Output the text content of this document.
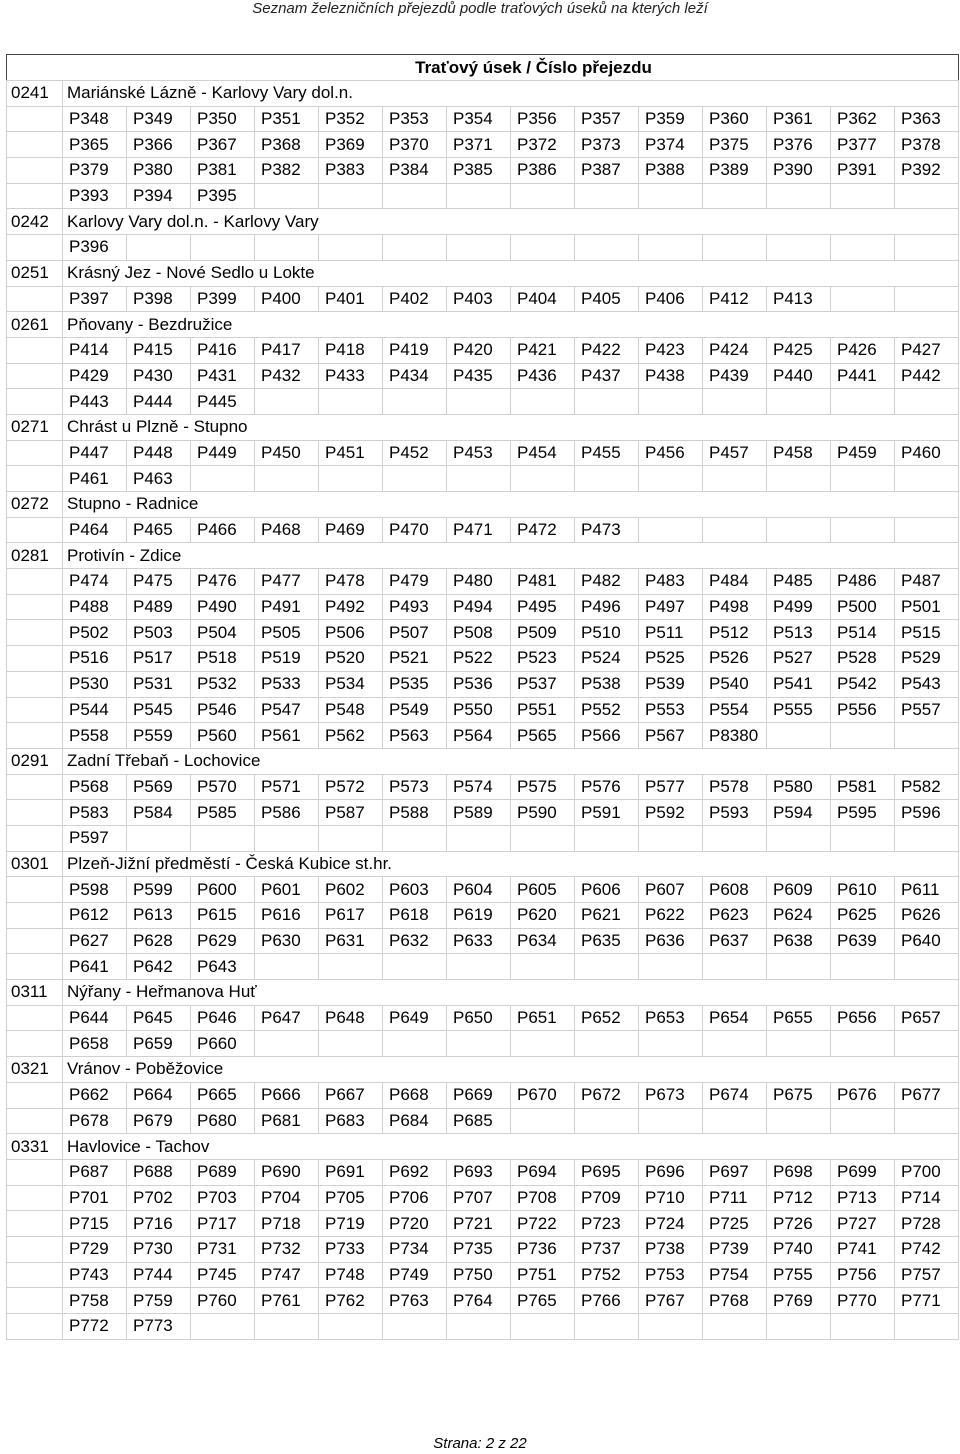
Seznam železničních přejezdů podle traťových úseků na kterých leží
Traťový úsek / Číslo přejezdu														
0241	Mariánské Lázně - Karlovy Vary dol.n.													
	P348	P349	P350	P351	P352	P353	P354	P356	P357	P359	P360	P361	P362	P363
	P365	P366	P367	P368	P369	P370	P371	P372	P373	P374	P375	P376	P377	P378
	P379	P380	P381	P382	P383	P384	P385	P386	P387	P388	P389	P390	P391	P392
	P393	P394	P395											
0242	Karlovy Vary dol.n. - Karlovy Vary													
	P396													
0251	Krásný Jez - Nové Sedlo u Lokte													
	P397	P398	P399	P400	P401	P402	P403	P404	P405	P406	P412	P413		
0261	Pňovany - Bezdružice													
	P414	P415	P416	P417	P418	P419	P420	P421	P422	P423	P424	P425	P426	P427
	P429	P430	P431	P432	P433	P434	P435	P436	P437	P438	P439	P440	P441	P442
	P443	P444	P445											
0271	Chrást u Plzně - Stupno													
	P447	P448	P449	P450	P451	P452	P453	P454	P455	P456	P457	P458	P459	P460
	P461	P463												
0272	Stupno - Radnice													
	P464	P465	P466	P468	P469	P470	P471	P472	P473					
0281	Protivín - Zdice													
	P474	P475	P476	P477	P478	P479	P480	P481	P482	P483	P484	P485	P486	P487
	P488	P489	P490	P491	P492	P493	P494	P495	P496	P497	P498	P499	P500	P501
	P502	P503	P504	P505	P506	P507	P508	P509	P510	P511	P512	P513	P514	P515
	P516	P517	P518	P519	P520	P521	P522	P523	P524	P525	P526	P527	P528	P529
	P530	P531	P532	P533	P534	P535	P536	P537	P538	P539	P540	P541	P542	P543
	P544	P545	P546	P547	P548	P549	P550	P551	P552	P553	P554	P555	P556	P557
	P558	P559	P560	P561	P562	P563	P564	P565	P566	P567	P8380			
0291	Zadní Třebaň - Lochovice													
	P568	P569	P570	P571	P572	P573	P574	P575	P576	P577	P578	P580	P581	P582
	P583	P584	P585	P586	P587	P588	P589	P590	P591	P592	P593	P594	P595	P596
	P597													
0301	Plzeň-Jižní předměstí - Česká Kubice st.hr.													
	P598	P599	P600	P601	P602	P603	P604	P605	P606	P607	P608	P609	P610	P611
	P612	P613	P615	P616	P617	P618	P619	P620	P621	P622	P623	P624	P625	P626
	P627	P628	P629	P630	P631	P632	P633	P634	P635	P636	P637	P638	P639	P640
	P641	P642	P643											
0311	Nýřany - Heřmanova Huť													
	P644	P645	P646	P647	P648	P649	P650	P651	P652	P653	P654	P655	P656	P657
	P658	P659	P660											
0321	Vránov - Poběžovice													
	P662	P664	P665	P666	P667	P668	P669	P670	P672	P673	P674	P675	P676	P677
	P678	P679	P680	P681	P683	P684	P685							
0331	Havlovice - Tachov													
	P687	P688	P689	P690	P691	P692	P693	P694	P695	P696	P697	P698	P699	P700
	P701	P702	P703	P704	P705	P706	P707	P708	P709	P710	P711	P712	P713	P714
	P715	P716	P717	P718	P719	P720	P721	P722	P723	P724	P725	P726	P727	P728
	P729	P730	P731	P732	P733	P734	P735	P736	P737	P738	P739	P740	P741	P742
	P743	P744	P745	P747	P748	P749	P750	P751	P752	P753	P754	P755	P756	P757
	P758	P759	P760	P761	P762	P763	P764	P765	P766	P767	P768	P769	P770	P771
	P772	P773												
Strana: 2 z 22
